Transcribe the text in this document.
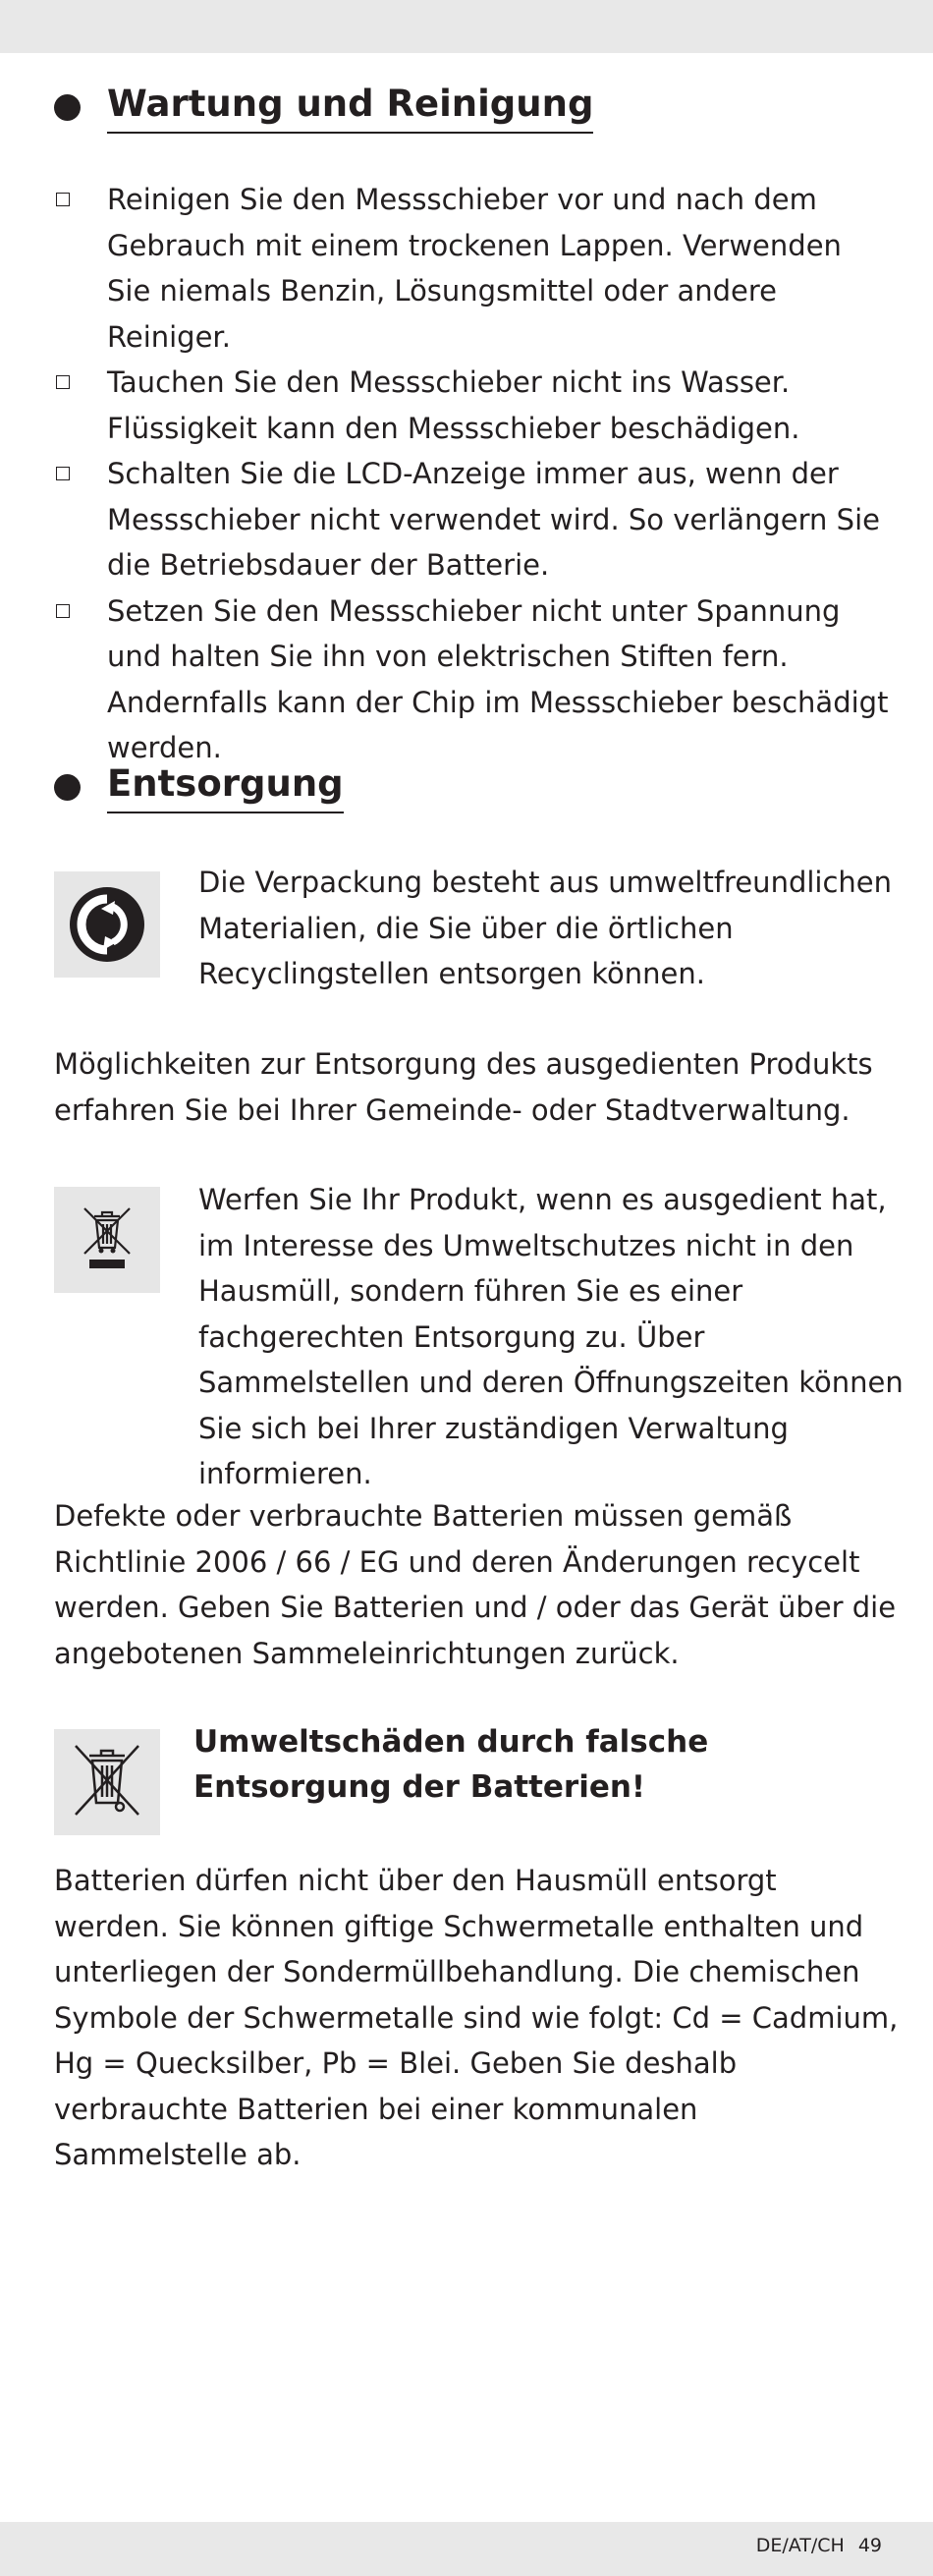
Wartung und Reinigung
Reinigen Sie den Messschieber vor und nach dem Gebrauch mit einem trockenen Lappen. Verwenden Sie niemals Benzin, Lösungsmittel oder andere Reiniger.
Tauchen Sie den Messschieber nicht ins Wasser. Flüssigkeit kann den Messschieber beschädigen.
Schalten Sie die LCD-Anzeige immer aus, wenn der Messschieber nicht verwendet wird. So verlängern Sie die Betriebsdauer der Batterie.
Setzen Sie den Messschieber nicht unter Spannung und halten Sie ihn von elektrischen Stiften fern. Andernfalls kann der Chip im Messschieber beschädigt werden.
Entsorgung

Die Verpackung besteht aus umweltfreundlichen Materialien, die Sie über die örtlichen Recyclingstellen entsorgen können.

Möglichkeiten zur Entsorgung des ausgedienten Produkts erfahren Sie bei Ihrer Gemeinde- oder Stadtverwaltung.

Werfen Sie Ihr Produkt, wenn es ausgedient hat, im Interesse des Umweltschutzes nicht in den Hausmüll, sondern führen Sie es einer fachgerechten Entsorgung zu. Über Sammelstellen und deren Öffnungszeiten können Sie sich bei Ihrer zuständigen Verwaltung informieren.

Defekte oder verbrauchte Batterien müssen gemäß Richtlinie 2006 / 66 / EG und deren Änderungen recycelt werden. Geben Sie Batterien und / oder das Gerät über die angebotenen Sammeleinrichtungen zurück.

Umweltschäden durch falsche
Entsorgung der Batterien!

Batterien dürfen nicht über den Hausmüll entsorgt werden. Sie können giftige Schwermetalle enthalten und unterliegen der Sondermüllbehandlung. Die chemischen Symbole der Schwermetalle sind wie folgt: Cd = Cadmium, Hg = Quecksilber, Pb = Blei. Geben Sie deshalb verbrauchte Batterien bei einer kommunalen Sammelstelle ab.

DE/AT/CH 49
